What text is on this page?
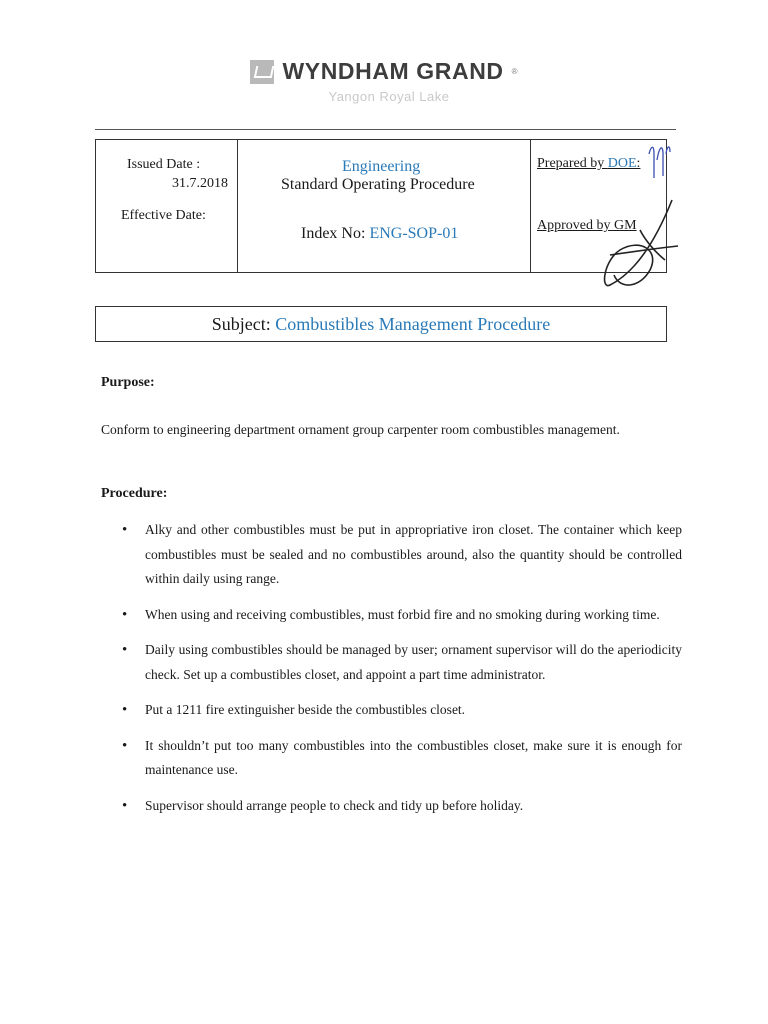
WYNDHAM GRAND ®
Yangon Royal Lake
Issued Date :
31.7.2018
Effective Date:
Engineering
Standard Operating Procedure
Index No: ENG-SOP-01
Prepared by DOE:
Approved by GM
Subject: Combustibles Management Procedure
Purpose:
Conform to engineering department ornament group carpenter room combustibles management.
Procedure:
• Alky and other combustibles must be put in appropriative iron closet. The container which keep combustibles must be sealed and no combustibles around, also the quantity should be controlled within daily using range.
• When using and receiving combustibles, must forbid fire and no smoking during working time.
• Daily using combustibles should be managed by user; ornament supervisor will do the aperiodicity check. Set up a combustibles closet, and appoint a part time administrator.
• Put a 1211 fire extinguisher beside the combustibles closet.
• It shouldn’t put too many combustibles into the combustibles closet, make sure it is enough for maintenance use.
• Supervisor should arrange people to check and tidy up before holiday.
